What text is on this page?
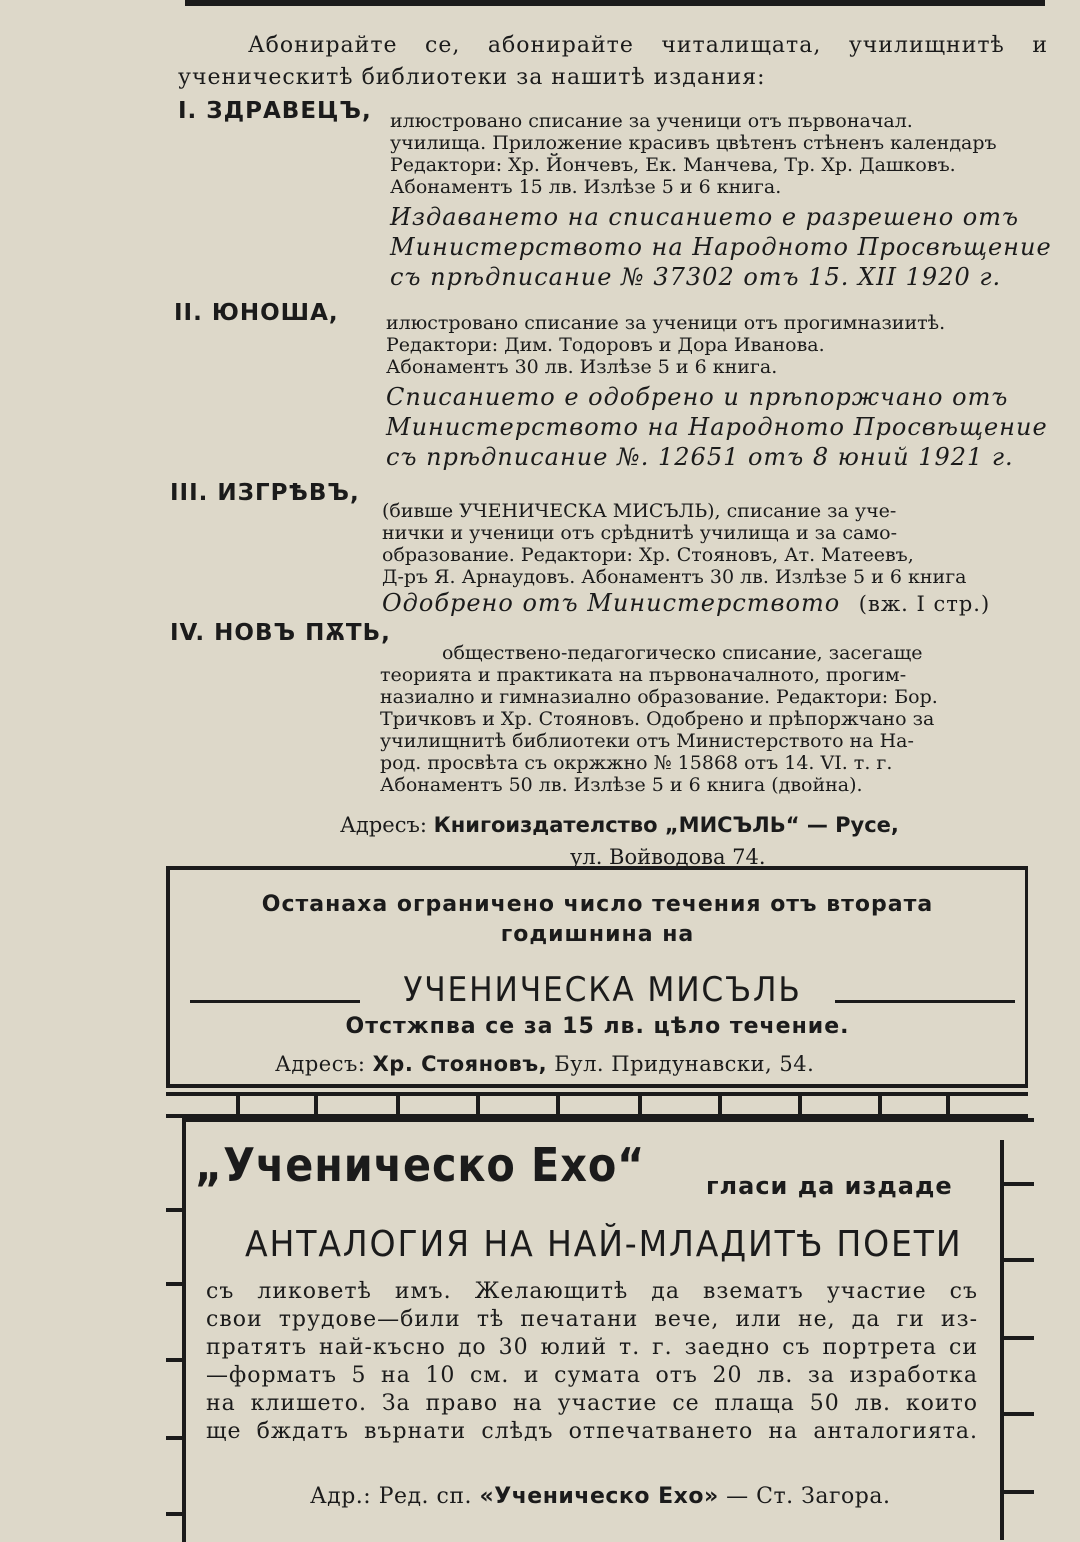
Абонирайте се, абонирайте читалищата, училищнитѣ и
ученическитѣ библиотеки за нашитѣ издания:
I. ЗДРАВЕЦЪ, илюстровано списание за ученици отъ първоначал.
училища. Приложение красивъ цвѣтенъ стѣненъ календаръ
Редактори: Хр. Йончевъ, Ек. Манчева, Тр. Хр. Дашковъ.
Абонаментъ 15 лв. Излѣзе 5 и 6 книга.
Издаването на списанието е разрешено отъ
Министерството на Народното Просвѣщение
съ прѣдписание № 37302 отъ 15. XII 1920 г.
II. ЮНОША, илюстровано списание за ученици отъ прогимназиитѣ.
Редактори: Дим. Тодоровъ и Дора Иванова.
Абонаментъ 30 лв. Излѣзе 5 и 6 книга.
Списанието е одобрено и прѣпоржчано отъ
Министерството на Народното Просвѣщение
съ прѣдписание №. 12651 отъ 8 юний 1921 г.
III. ИЗГРѢВЪ,
(бивше УЧЕНИЧЕСКА МИСЪЛЬ), списание за уче-
нички и ученици отъ срѣднитѣ училища и за само-
образование. Редактори: Хр. Стояновъ, Ат. Матеевъ,
Д-ръ Я. Арнаудовъ. Абонаментъ 30 лв. Излѣзе 5 и 6 книга
Одобрено отъ Министерството (вж. I стр.)
IV. НОВЪ ПѪТЬ,
обществено-педагогическо списание, засегаще
теорията и практиката на първоначалното, прогим-
назиално и гимназиално образование. Редактори: Бор.
Тричковъ и Хр. Стояновъ. Одобрено и прѣпоржчано за
училищнитѣ библиотеки отъ Министерството на На-
род. просвѣта съ окржжно № 15868 отъ 14. VI. т. г.
Абонаментъ 50 лв. Излѣзе 5 и 6 книга (двойна).
Адресъ: Книгоиздателство „МИСЪЛЬ“ — Русе,
ул. Войводова 74.
Останаха ограничено число течения отъ втората
годишнина на
УЧЕНИЧЕСКА МИСЪЛЬ
Отстжпва се за 15 лв. цѣло течение.
Адресъ: Хр. Стояновъ, Бул. Придунавски, 54.
„Ученическо Ехо“	гласи да издаде
АНТАЛОГИЯ НА НАЙ-МЛАДИТѢ ПОЕТИ
съ ликоветѣ имъ. Желающитѣ да взематъ участие съ
свои трудове—били тѣ печатани вече, или не, да ги из-
пратятъ най-късно до 30 юлий т. г. заедно съ портрета си
—форматъ 5 на 10 см. и сумата отъ 20 лв. за изработка
на клишето. За право на участие се плаща 50 лв. които
ще бждатъ върнати слѣдъ отпечатването на анталогията.
Адр.: Ред. сп. «Ученическо Ехо» — Ст. Загора.
